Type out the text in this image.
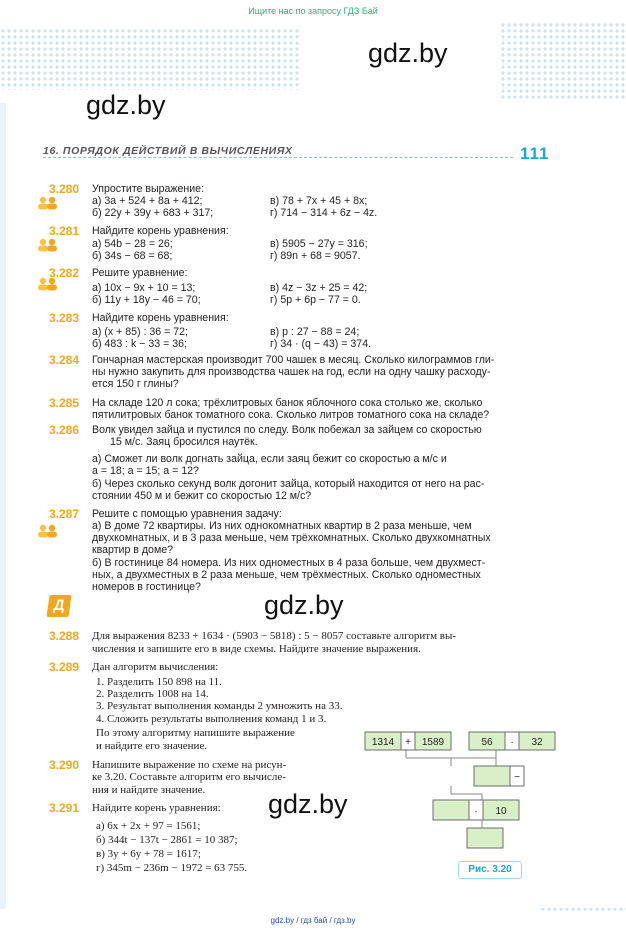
Ищите нас по запросу ГДЗ Бай
gdz.by
gdz.by
gdz.by
gdz.by
16. ПОРЯДОК ДЕЙСТВИЙ В ВЫЧИСЛЕНИЯХ	111
3.280 Упростите выражение:
а) 3a + 524 + 8a + 412;
б) 22y + 39y + 683 + 317;
в) 78 + 7x + 45 + 8x;
г) 714 − 314 + 6z − 4z.
3.281 Найдите корень уравнения:
а) 54b − 28 = 26;
б) 34s − 68 = 68;
в) 5905 − 27y = 316;
г) 89n + 68 = 9057.
3.282 Решите уравнение:
а) 10x − 9x + 10 = 13;
б) 11y + 18y − 46 = 70;
в) 4z − 3z + 25 = 42;
г) 5p + 6p − 77 = 0.
3.283 Найдите корень уравнения:
а) (x + 85) : 36 = 72;
б) 483 : k − 33 = 36;
в) p : 27 − 88 = 24;
г) 34 · (q − 43) = 374.
3.284 Гончарная мастерская производит 700 чашек в месяц. Сколько килограммов гли-
ны нужно закупить для производства чашек на год, если на одну чашку расходу-
ется 150 г глины?
3.285 На складе 120 л сока; трёхлитровых банок яблочного сока столько же, сколько
пятилитровых банок томатного сока. Сколько литров томатного сока на складе?
3.286 Волк увидел зайца и пустился по следу. Волк побежал за зайцем со скоростью
15 м/с. Заяц бросился наутёк.
а) Сможет ли волк догнать зайца, если заяц бежит со скоростью a м/с и
a = 18; a = 15; a = 12?
б) Через сколько секунд волк догонит зайца, который находится от него на рас-
стоянии 450 м и бежит со скоростью 12 м/с?
3.287 Решите с помощью уравнения задачу:
а) В доме 72 квартиры. Из них однокомнатных квартир в 2 раза меньше, чем
двухкомнатных, и в 3 раза меньше, чем трёхкомнатных. Сколько двухкомнатных
квартир в доме?
б) В гостинице 84 номера. Из них одноместных в 4 раза больше, чем двухмест-
ных, а двухместных в 2 раза меньше, чем трёхместных. Сколько одноместных
номеров в гостинице?
Д
3.288 Для выражения 8233 + 1634 · (5903 − 5818) : 5 − 8057 составьте алгоритм вы-
числения и запишите его в виде схемы. Найдите значение выражения.
3.289 Дан алгоритм вычисления:
1. Разделить 150 898 на 11.
2. Разделить 1008 на 14.
3. Результат выполнения команды 2 умножить на 33.
4. Сложить результаты выполнения команд 1 и 3.
По этому алгоритму напишите выражение
и найдите его значение.
3.290 Напишите выражение по схеме на рисун-
ке 3.20. Составьте алгоритм его вычисле-
ния и найдите значение.
3.291 Найдите корень уравнения:
а) 6x + 2x + 97 = 1561;
б) 344t − 137t − 2861 = 10 387;
в) 3y + 6y + 78 = 1617;
г) 345m − 236m − 1972 = 63 755.
1314 + 1589	56 · 32
−
· 10
Рис. 3.20
gdz.by / гдз бай / гдз.by
